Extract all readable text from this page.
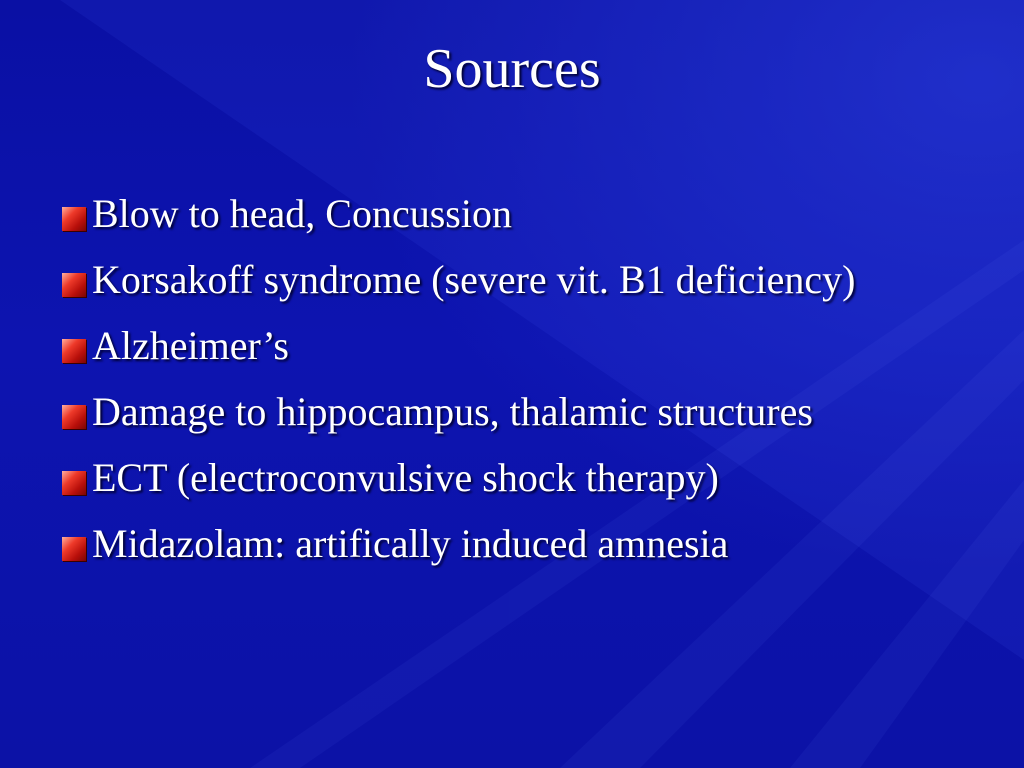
Sources
Blow to head, Concussion
Korsakoff syndrome (severe vit. B1 deficiency)
Alzheimer’s
Damage to hippocampus, thalamic structures
ECT (electroconvulsive shock therapy)
Midazolam: artifically induced amnesia
